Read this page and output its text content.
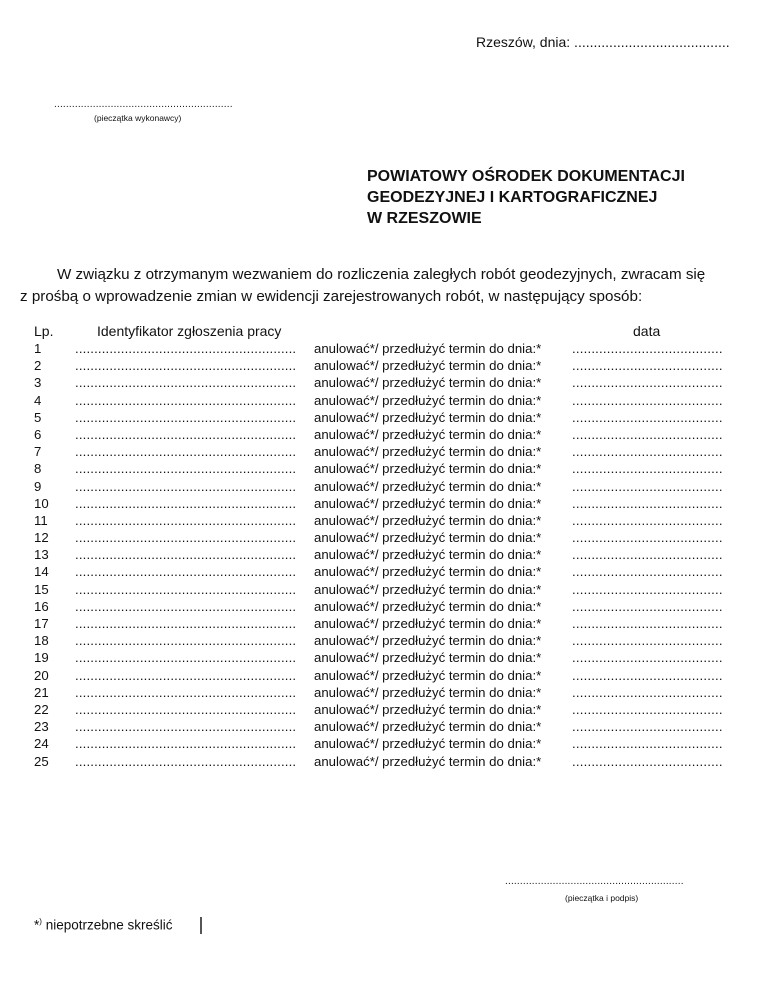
Rzeszów, dnia: ........................................
............................................................
(pieczątka wykonawcy)
POWIATOWY OŚRODEK DOKUMENTACJI
GEODEZYJNEJ I KARTOGRAFICZNEJ
W RZESZOWIE
W związku z otrzymanym wezwaniem do rozliczenia zaległych robót geodezyjnych, zwracam się
z prośbą o wprowadzenie zmian w ewidencji zarejestrowanych robót, w następujący sposób:
Lp.	Identyfikator zgłoszenia pracy	data
1	.......................................................... anulować*/ przedłużyć termin do dnia:* .......................................
2	.......................................................... anulować*/ przedłużyć termin do dnia:* .......................................
3	.......................................................... anulować*/ przedłużyć termin do dnia:* .......................................
4	.......................................................... anulować*/ przedłużyć termin do dnia:* .......................................
5	.......................................................... anulować*/ przedłużyć termin do dnia:* .......................................
6	.......................................................... anulować*/ przedłużyć termin do dnia:* .......................................
7	.......................................................... anulować*/ przedłużyć termin do dnia:* .......................................
8	.......................................................... anulować*/ przedłużyć termin do dnia:* .......................................
9	.......................................................... anulować*/ przedłużyć termin do dnia:* .......................................
10 .......................................................... anulować*/ przedłużyć termin do dnia:* .......................................
11 .......................................................... anulować*/ przedłużyć termin do dnia:* .......................................
12 .......................................................... anulować*/ przedłużyć termin do dnia:* .......................................
13 .......................................................... anulować*/ przedłużyć termin do dnia:* .......................................
14 .......................................................... anulować*/ przedłużyć termin do dnia:* .......................................
15 .......................................................... anulować*/ przedłużyć termin do dnia:* .......................................
16 .......................................................... anulować*/ przedłużyć termin do dnia:* .......................................
17 .......................................................... anulować*/ przedłużyć termin do dnia:* .......................................
18 .......................................................... anulować*/ przedłużyć termin do dnia:* .......................................
19 .......................................................... anulować*/ przedłużyć termin do dnia:* .......................................
20 .......................................................... anulować*/ przedłużyć termin do dnia:* .......................................
21 .......................................................... anulować*/ przedłużyć termin do dnia:* .......................................
22 .......................................................... anulować*/ przedłużyć termin do dnia:* .......................................
23 .......................................................... anulować*/ przedłużyć termin do dnia:* .......................................
24 .......................................................... anulować*/ przedłużyć termin do dnia:* .......................................
25 .......................................................... anulować*/ przedłużyć termin do dnia:* .......................................
............................................................
(pieczątka i podpis)
*) niepotrzebne skreślić
